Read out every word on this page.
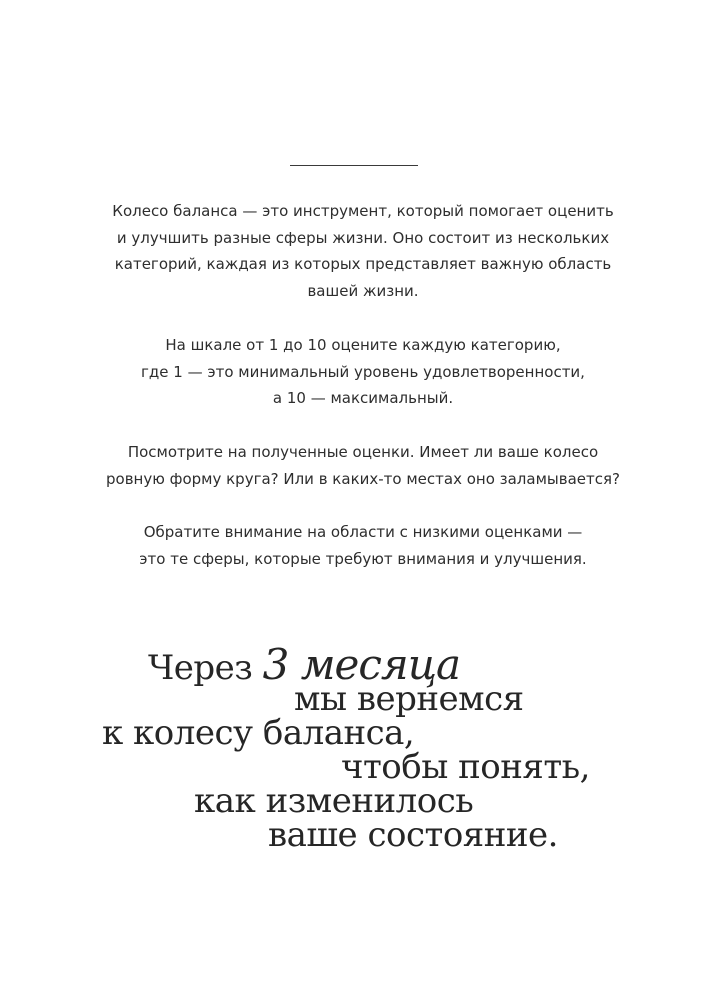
Колесо баланса — это инструмент, который помогает оценить
и улучшить разные сферы жизни. Оно состоит из нескольких
категорий, каждая из которых представляет важную область
вашей жизни.

На шкале от 1 до 10 оцените каждую категорию,
где 1 — это минимальный уровень удовлетворенности,
а 10 — максимальный.

Посмотрите на полученные оценки. Имеет ли ваше колесо
ровную форму круга? Или в каких-то местах оно заламывается?

Обратите внимание на области с низкими оценками —
это те сферы, которые требуют внимания и улучшения.

Через 3 месяца
мы вернемся
к колесу баланса,
чтобы понять,
как изменилось
ваше состояние.
